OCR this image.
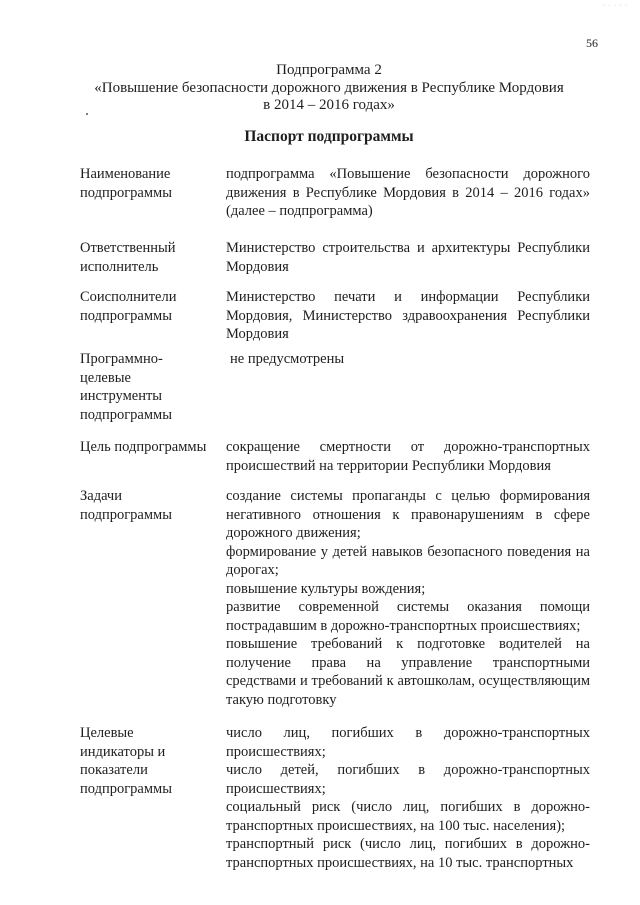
· · · · ·
56
Подпрограмма 2
«Повышение безопасности дорожного движения в Республике Мордовия
в 2014 – 2016 годах»
Паспорт подпрограммы
Наименование подпрограммы

подпрограмма «Повышение безопасности дорожного движения в Республике Мордовия в 2014 – 2016 годах» (далее – подпрограмма)

Ответственный исполнитель

Министерство строительства и архитектуры Республики Мордовия

Соисполнители подпрограммы

Министерство печати и информации Республики Мордовия, Министерство здравоохранения Республики Мордовия

Программно-целевые инструменты подпрограммы

не предусмотрены

Цель подпрограммы сокращение смертности от дорожно-транспортных происшествий на территории Республики Мордовия

Задачи подпрограммы

создание системы пропаганды с целью формирования негативного отношения к правонарушениям в сфере дорожного движения;

формирование у детей навыков безопасного поведения на дорогах;

повышение культуры вождения;

развитие современной системы оказания помощи пострадавшим в дорожно-транспортных происшествиях;

повышение требований к подготовке водителей на получение права на управление транспортными средствами и требований к автошколам, осуществляющим такую подготовку

Целевые индикаторы и показатели подпрограммы

число лиц, погибших в дорожно-транспортных происшествиях;

число детей, погибших в дорожно-транспортных происшествиях;

социальный риск (число лиц, погибших в дорожно-транспортных происшествиях, на 100 тыс. населения);

транспортный риск (число лиц, погибших в дорожно-транспортных происшествиях, на 10 тыс. транспортных
